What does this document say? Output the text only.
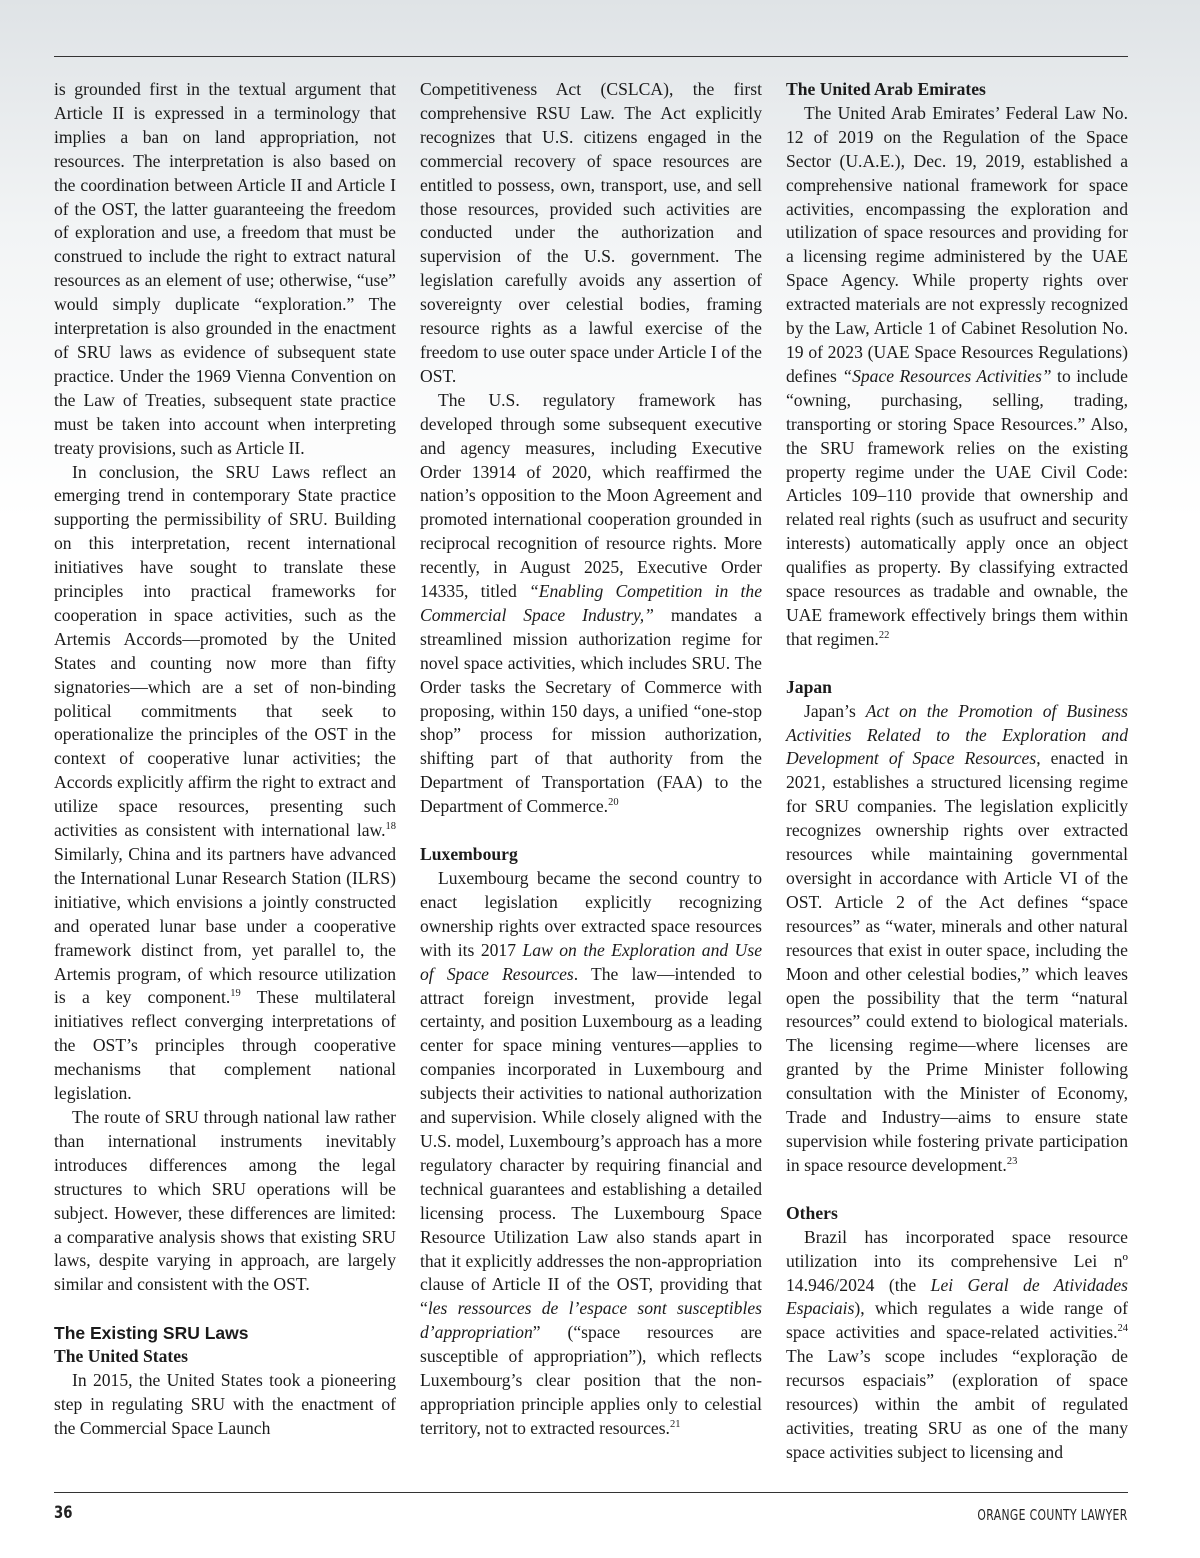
is grounded first in the textual argument that Article II is expressed in a terminology that implies a ban on land appropriation, not resources. The interpretation is also based on the coordination between Article II and Article I of the OST, the latter guaranteeing the freedom of exploration and use, a freedom that must be construed to include the right to extract natural resources as an element of use; otherwise, “use” would simply duplicate “exploration.” The interpretation is also grounded in the enactment of SRU laws as evidence of subsequent state practice. Under the 1969 Vienna Convention on the Law of Treaties, subsequent state practice must be taken into account when interpreting treaty provisions, such as Article II.

In conclusion, the SRU Laws reflect an emerging trend in contemporary State practice supporting the permissibility of SRU. Building on this interpretation, recent international initiatives have sought to translate these principles into practical frameworks for cooperation in space activities, such as the Artemis Accords—promoted by the United States and counting now more than fifty signatories—which are a set of non-binding political commitments that seek to operationalize the principles of the OST in the context of cooperative lunar activities; the Accords explicitly affirm the right to extract and utilize space resources, presenting such activities as consistent with international law.$^{18}$ Similarly, China and its partners have advanced the International Lunar Research Station (ILRS) initiative, which envisions a jointly constructed and operated lunar base under a cooperative framework distinct from, yet parallel to, the Artemis program, of which resource utilization is a key component.$^{19}$ These multilateral initiatives reflect converging interpretations of the OST’s principles through cooperative mechanisms that complement national legislation.

The route of SRU through national law rather than international instruments inevitably introduces differences among the legal structures to which SRU operations will be subject. However, these differences are limited: a comparative analysis shows that existing SRU laws, despite varying in approach, are largely similar and consistent with the OST.

The Existing SRU Laws
The United States

In 2015, the United States took a pioneering step in regulating SRU with the enactment of the Commercial Space Launch

Competitiveness Act (CSLCA), the first comprehensive RSU Law. The Act explicitly recognizes that U.S. citizens engaged in the commercial recovery of space resources are entitled to possess, own, transport, use, and sell those resources, provided such activities are conducted under the authorization and supervision of the U.S. government. The legislation carefully avoids any assertion of sovereignty over celestial bodies, framing resource rights as a lawful exercise of the freedom to use outer space under Article I of the OST.

The U.S. regulatory framework has developed through some subsequent executive and agency measures, including Executive Order 13914 of 2020, which reaffirmed the nation’s opposition to the Moon Agreement and promoted international cooperation grounded in reciprocal recognition of resource rights. More recently, in August 2025, Executive Order 14335, titled “Enabling Competition in the Commercial Space Industry,” mandates a streamlined mission authorization regime for novel space activities, which includes SRU. The Order tasks the Secretary of Commerce with proposing, within 150 days, a unified “one-stop shop” process for mission authorization, shifting part of that authority from the Department of Transportation (FAA) to the Department of Commerce.$^{20}$

Luxembourg

Luxembourg became the second country to enact legislation explicitly recognizing ownership rights over extracted space resources with its 2017 Law on the Exploration and Use of Space Resources. The law—intended to attract foreign investment, provide legal certainty, and position Luxembourg as a leading center for space mining ventures—applies to companies incorporated in Luxembourg and subjects their activities to national authorization and supervision. While closely aligned with the U.S. model, Luxembourg’s approach has a more regulatory character by requiring financial and technical guarantees and establishing a detailed licensing process. The Luxembourg Space Resource Utilization Law also stands apart in that it explicitly addresses the non-appropriation clause of Article II of the OST, providing that “les ressources de l’espace sont susceptibles d’appropriation” (“space resources are susceptible of appropriation”), which reflects Luxembourg’s clear position that the non-appropriation principle applies only to celestial territory, not to extracted resources.$^{21}$

The United Arab Emirates

The United Arab Emirates’ Federal Law No. 12 of 2019 on the Regulation of the Space Sector (U.A.E.), Dec. 19, 2019, established a comprehensive national framework for space activities, encompassing the exploration and utilization of space resources and providing for a licensing regime administered by the UAE Space Agency. While property rights over extracted materials are not expressly recognized by the Law, Article 1 of Cabinet Resolution No. 19 of 2023 (UAE Space Resources Regulations) defines “Space Resources Activities” to include “owning, purchasing, selling, trading, transporting or storing Space Resources.” Also, the SRU framework relies on the existing property regime under the UAE Civil Code: Articles 109–110 provide that ownership and related real rights (such as usufruct and security interests) automatically apply once an object qualifies as property. By classifying extracted space resources as tradable and ownable, the UAE framework effectively brings them within that regimen.$^{22}$

Japan

Japan’s Act on the Promotion of Business Activities Related to the Exploration and Development of Space Resources, enacted in 2021, establishes a structured licensing regime for SRU companies. The legislation explicitly recognizes ownership rights over extracted resources while maintaining governmental oversight in accordance with Article VI of the OST. Article 2 of the Act defines “space resources” as “water, minerals and other natural resources that exist in outer space, including the Moon and other celestial bodies,” which leaves open the possibility that the term “natural resources” could extend to biological materials. The licensing regime—where licenses are granted by the Prime Minister following consultation with the Minister of Economy, Trade and Industry—aims to ensure state supervision while fostering private participation in space resource development.$^{23}$

Others

Brazil has incorporated space resource utilization into its comprehensive Lei nº 14.946/2024 (the Lei Geral de Atividades Espaciais), which regulates a wide range of space activities and space-related activities.$^{24}$ The Law’s scope includes “exploração de recursos espaciais” (exploration of space resources) within the ambit of regulated activities, treating SRU as one of the many space activities subject to licensing and

36	ORANGE COUNTY LAWYER
